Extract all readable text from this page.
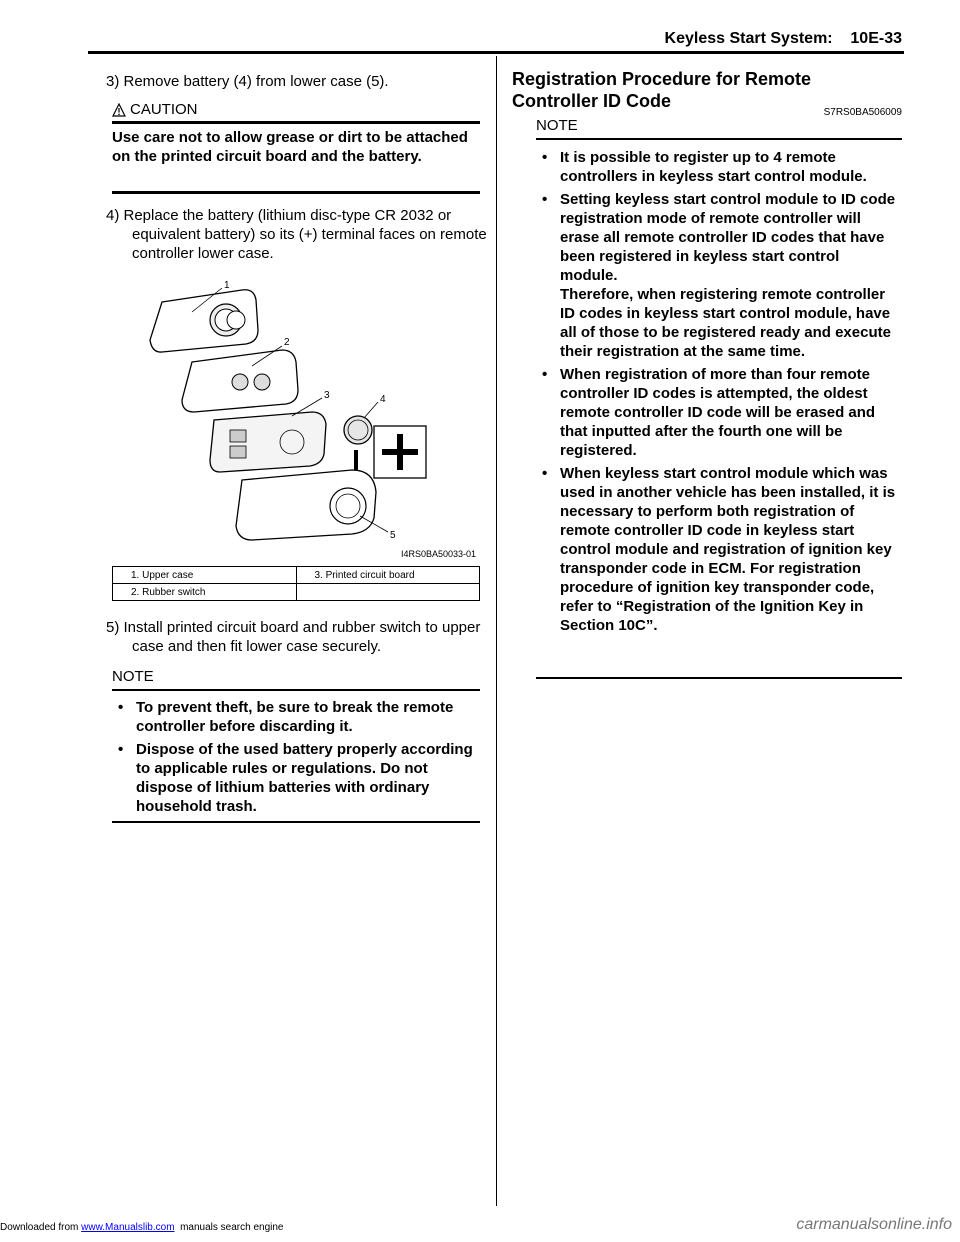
Keyless Start System:    10E-33
3) Remove battery (4) from lower case (5).
CAUTION
Use care not to allow grease or dirt to be attached on the printed circuit board and the battery.
4) Replace the battery (lithium disc-type CR 2032 or equivalent battery) so its (+) terminal faces on remote controller lower case.
1
2
3	4
5
I4RS0BA50033-01
1. Upper case	3. Printed circuit board
2. Rubber switch	
5) Install printed circuit board and rubber switch to upper case and then fit lower case securely.
NOTE
• To prevent theft, be sure to break the remote controller before discarding it.
• Dispose of the used battery properly according to applicable rules or regulations. Do not dispose of lithium batteries with ordinary household trash.
Registration Procedure for Remote Controller ID Code
S7RS0BA506009
NOTE
• It is possible to register up to 4 remote controllers in keyless start control module.
• Setting keyless start control module to ID code registration mode of remote controller will erase all remote controller ID codes that have been registered in keyless start control module.
Therefore, when registering remote controller ID codes in keyless start control module, have all of those to be registered ready and execute their registration at the same time.
• When registration of more than four remote controller ID codes is attempted, the oldest remote controller ID code will be erased and that inputted after the fourth one will be registered.
• When keyless start control module which was used in another vehicle has been installed, it is necessary to perform both registration of remote controller ID code in keyless start control module and registration of ignition key transponder code in ECM. For registration procedure of ignition key transponder code, refer to “Registration of the Ignition Key in Section 10C”.
Downloaded from www.Manualslib.com  manuals search engine	carmanualsonline.info
